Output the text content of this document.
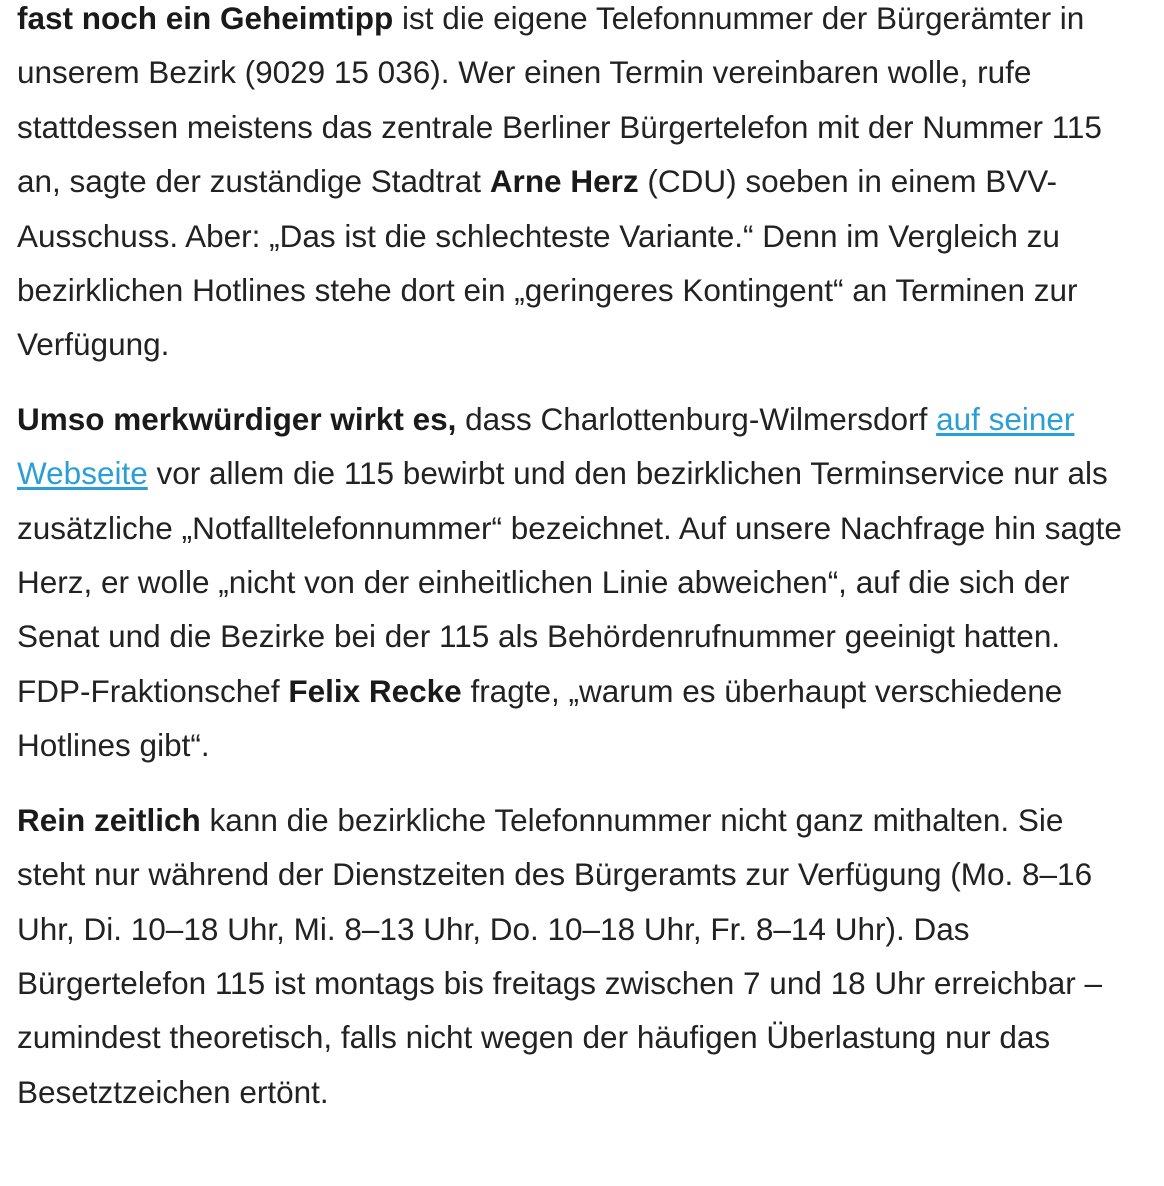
fast noch ein Geheimtipp ist die eigene Telefonnummer der Bürgerämter in unserem Bezirk (9029 15 036). Wer einen Termin vereinbaren wolle, rufe stattdessen meistens das zentrale Berliner Bürgertelefon mit der Nummer 115 an, sagte der zuständige Stadtrat Arne Herz (CDU) soeben in einem BVV-Ausschuss. Aber: „Das ist die schlechteste Variante.“ Denn im Vergleich zu bezirklichen Hotlines stehe dort ein „geringeres Kontingent“ an Terminen zur Verfügung.

Umso merkwürdiger wirkt es, dass Charlottenburg-Wilmersdorf auf seiner Webseite vor allem die 115 bewirbt und den bezirklichen Terminservice nur als zusätzliche „Notfalltelefonnummer“ bezeichnet. Auf unsere Nachfrage hin sagte Herz, er wolle „nicht von der einheitlichen Linie abweichen“, auf die sich der Senat und die Bezirke bei der 115 als Behördenrufnummer geeinigt hatten. FDP-Fraktionschef Felix Recke fragte, „warum es überhaupt verschiedene Hotlines gibt“.

Rein zeitlich kann die bezirkliche Telefonnummer nicht ganz mithalten. Sie steht nur während der Dienstzeiten des Bürgeramts zur Verfügung (Mo. 8–16 Uhr, Di. 10–18 Uhr, Mi. 8–13 Uhr, Do. 10–18 Uhr, Fr. 8–14 Uhr). Das Bürgertelefon 115 ist montags bis freitags zwischen 7 und 18 Uhr erreichbar – zumindest theoretisch, falls nicht wegen der häufigen Überlastung nur das Besetztzeichen ertönt.
